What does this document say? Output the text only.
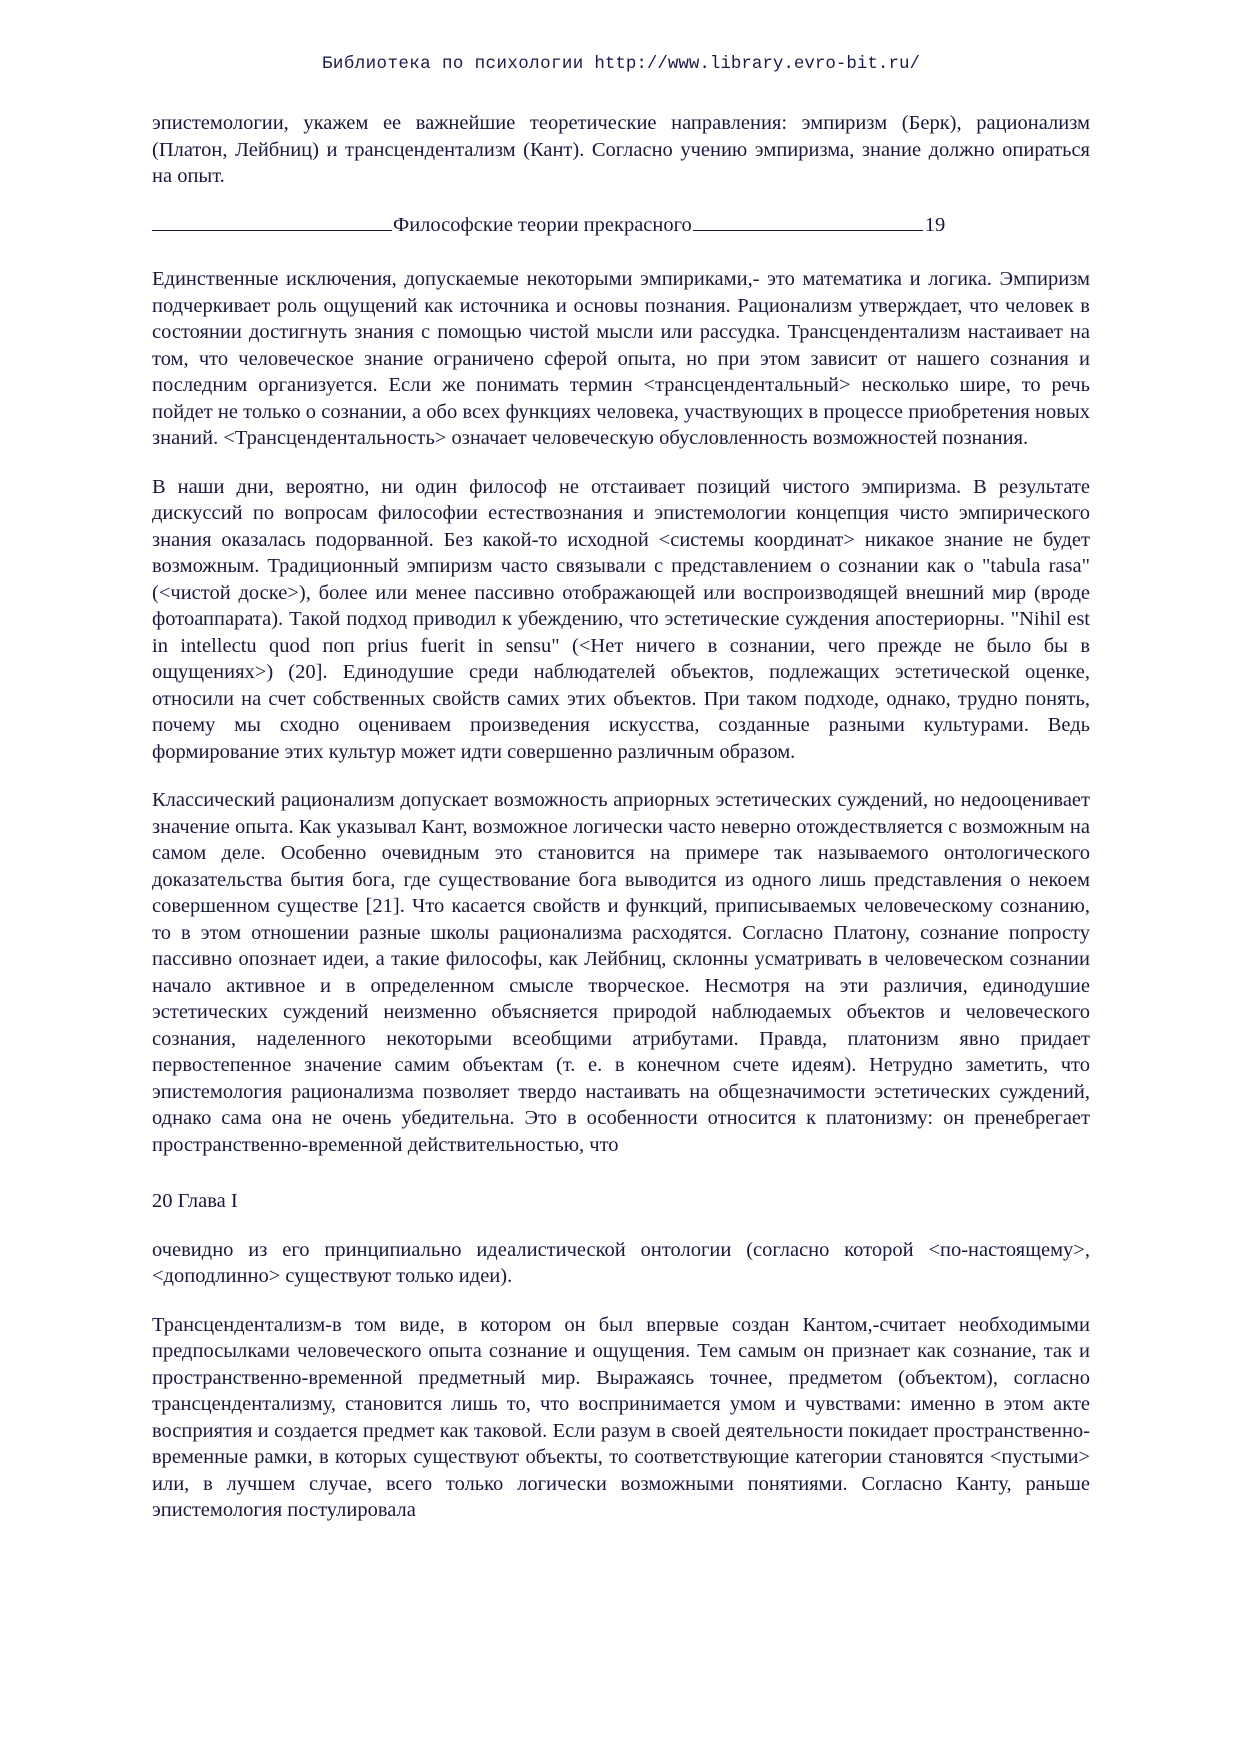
Библиотека по психологии http://www.library.evro-bit.ru/

эпистемологии, укажем ее важнейшие теоретические направления: эмпиризм (Берк), рационализм (Платон, Лейбниц) и трансцендентализм (Кант). Согласно учению эмпиризма, знание должно опираться на опыт.

Философские теории прекрасного	19

Единственные исключения, допускаемые некоторыми эмпириками,- это математика и логика. Эмпиризм подчеркивает роль ощущений как источника и основы познания. Рационализм утверждает, что человек в состоянии достигнуть знания с помощью чистой мысли или рассудка. Трансцендентализм настаивает на том, что человеческое знание ограничено сферой опыта, но при этом зависит от нашего сознания и последним организуется. Если же понимать термин <трансцендентальный> несколько шире, то речь пойдет не только о сознании, а обо всех функциях человека, участвующих в процессе приобретения новых знаний. <Трансцендентальность> означает человеческую обусловленность возможностей познания.

В наши дни, вероятно, ни один философ не отстаивает позиций чистого эмпиризма. В результате дискуссий по вопросам философии естествознания и эпистемологии концепция чисто эмпирического знания оказалась подорванной. Без какой-то исходной <системы координат> никакое знание не будет возможным. Традиционный эмпиризм часто связывали с представлением о сознании как о "tabula rasa" (<чистой доске>), более или менее пассивно отображающей или воспроизводящей внешний мир (вроде фотоаппарата). Такой подход приводил к убеждению, что эстетические суждения апостериорны. "Nihil est in intellectu quod поп prius fuerit in sensu" (<Нет ничего в сознании, чего прежде не было бы в ощущениях>) (20]. Единодушие среди наблюдателей объектов, подлежащих эстетической оценке, относили на счет собственных свойств самих этих объектов. При таком подходе, однако, трудно понять, почему мы сходно оцениваем произведения искусства, созданные разными культурами. Ведь формирование этих культур может идти совершенно различным образом.

Классический рационализм допускает возможность априорных эстетических суждений, но недооценивает значение опыта. Как указывал Кант, возможное логически часто неверно отождествляется с возможным на самом деле. Особенно очевидным это становится на примере так называемого онтологического доказательства бытия бога, где существование бога выводится из одного лишь представления о некоем совершенном существе [21]. Что касается свойств и функций, приписываемых человеческому сознанию, то в этом отношении разные школы рационализма расходятся. Согласно Платону, сознание попросту пассивно опознает идеи, а такие философы, как Лейбниц, склонны усматривать в человеческом сознании начало активное и в определенном смысле творческое. Несмотря на эти различия, единодушие эстетических суждений неизменно объясняется природой наблюдаемых объектов и человеческого сознания, наделенного некоторыми всеобщими атрибутами. Правда, платонизм явно придает первостепенное значение самим объектам (т. е. в конечном счете идеям). Нетрудно заметить, что эпистемология рационализма позволяет твердо настаивать на общезначимости эстетических суждений, однако сама она не очень убедительна. Это в особенности относится к платонизму: он пренебрегает пространственно-временной действительностью, что

20 Глава I

очевидно из его принципиально идеалистической онтологии (согласно которой <по-настоящему>, <доподлинно> существуют только идеи).

Трансцендентализм-в том виде, в котором он был впервые создан Кантом,-считает необходимыми предпосылками человеческого опыта сознание и ощущения. Тем самым он признает как сознание, так и пространственно-временной предметный мир. Выражаясь точнее, предметом (объектом), согласно трансцендентализму, становится лишь то, что воспринимается умом и чувствами: именно в этом акте восприятия и создается предмет как таковой. Если разум в своей деятельности покидает пространственно-временные рамки, в которых существуют объекты, то соответствующие категории становятся <пустыми> или, в лучшем случае, всего только логически возможными понятиями. Согласно Канту, раньше эпистемология постулировала
